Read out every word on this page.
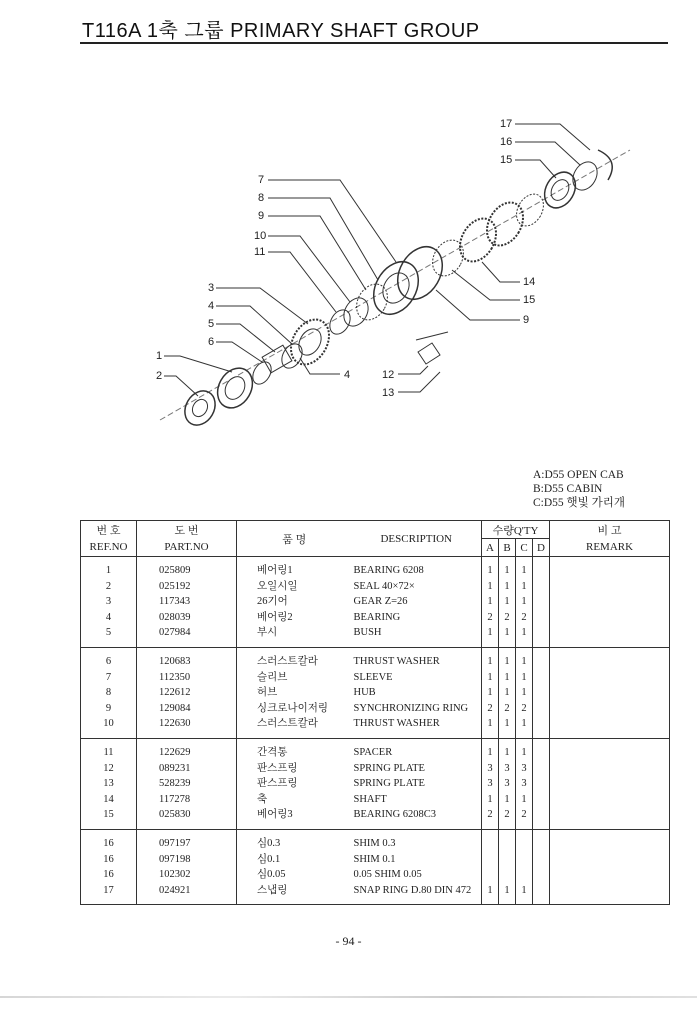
T116A 1축 그룹 PRIMARY SHAFT GROUP
17
16
15
7
8
9
10
11
3
4
5
6
1
2
14
15
9
4	12
13
A:D55 OPEN CAB
B:D55 CABIN
C:D55 햇빛 가리개
번 호	도 번	품 명	DESCRIPTION	수량Q'TY				비 고
REF.NO	PART.NO			A	B	C	D	REMARK
1	025809	베어링1	BEARING 6208	1	1	1		
2	025192	오일시일	SEAL 40×72×	1	1	1		
3	117343	26기어	GEAR Z=26	1	1	1		
4	028039	베어링2	BEARING	2	2	2		
5	027984	부시	BUSH	1	1	1		
6	120683	스러스트칼라	THRUST WASHER	1	1	1		
7	112350	슬리브	SLEEVE	1	1	1		
8	122612	허브	HUB	1	1	1		
9	129084	싱크로나이저링	SYNCHRONIZING RING	2	2	2		
10	122630	스러스트칼라	THRUST WASHER	1	1	1		
11	122629	간격통	SPACER	1	1	1		
12	089231	판스프링	SPRING PLATE	3	3	3		
13	528239	판스프링	SPRING PLATE	3	3	3		
14	117278	축	SHAFT	1	1	1		
15	025830	베어링3	BEARING 6208C3	2	2	2		
16	097197	심0.3	SHIM 0.3					
16	097198	심0.1	SHIM 0.1					
16	102302	심0.05	0.05 SHIM 0.05					
17	024921	스냅링	SNAP RING D.80 DIN 472	1	1	1		
- 94 -
